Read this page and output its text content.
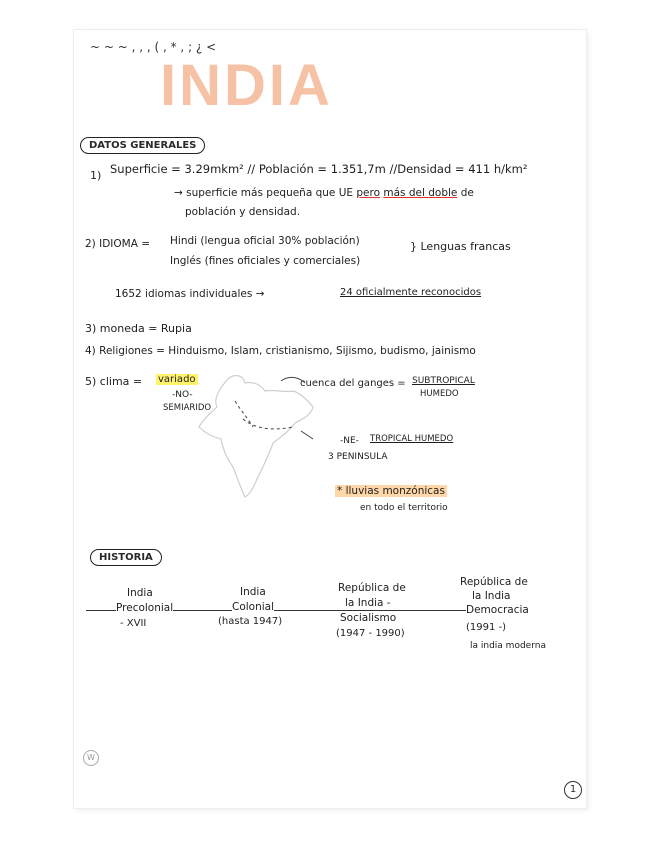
~ ~ ~ , , , ( , * , ; ¿ <
INDIA
DATOS GENERALES
1) Superficie = 3.29mkm² // Población = 1.351,7m //Densidad = 411 h/km²
→ superficie más pequeña que UE pero más del doble de
población y densidad.
2) IDIOMA = Hindi (lengua oficial 30% población)
Inglés (fines oficiales y comerciales)
} Lenguas francas
1652 idiomas individuales →	24 oficialmente reconocidos
3) moneda = Rupia
4) Religiones = Hinduismo, Islam, cristianismo, Sijismo, budismo, jainismo
5) clima = variado
-NO-
SEMIARIDO
cuenca del ganges = SUBTROPICAL
HUMEDO
-NE- TROPICAL HUMEDO
3 PENINSULA
* lluvias monzónicas
en todo el territorio
HISTORIA
India
Precolonial
- XVII
India
Colonial
(hasta 1947)
República de
la India -
Socialismo
(1947 - 1990)
República de
la India
Democracia
(1991 -)
la india moderna
W
1
